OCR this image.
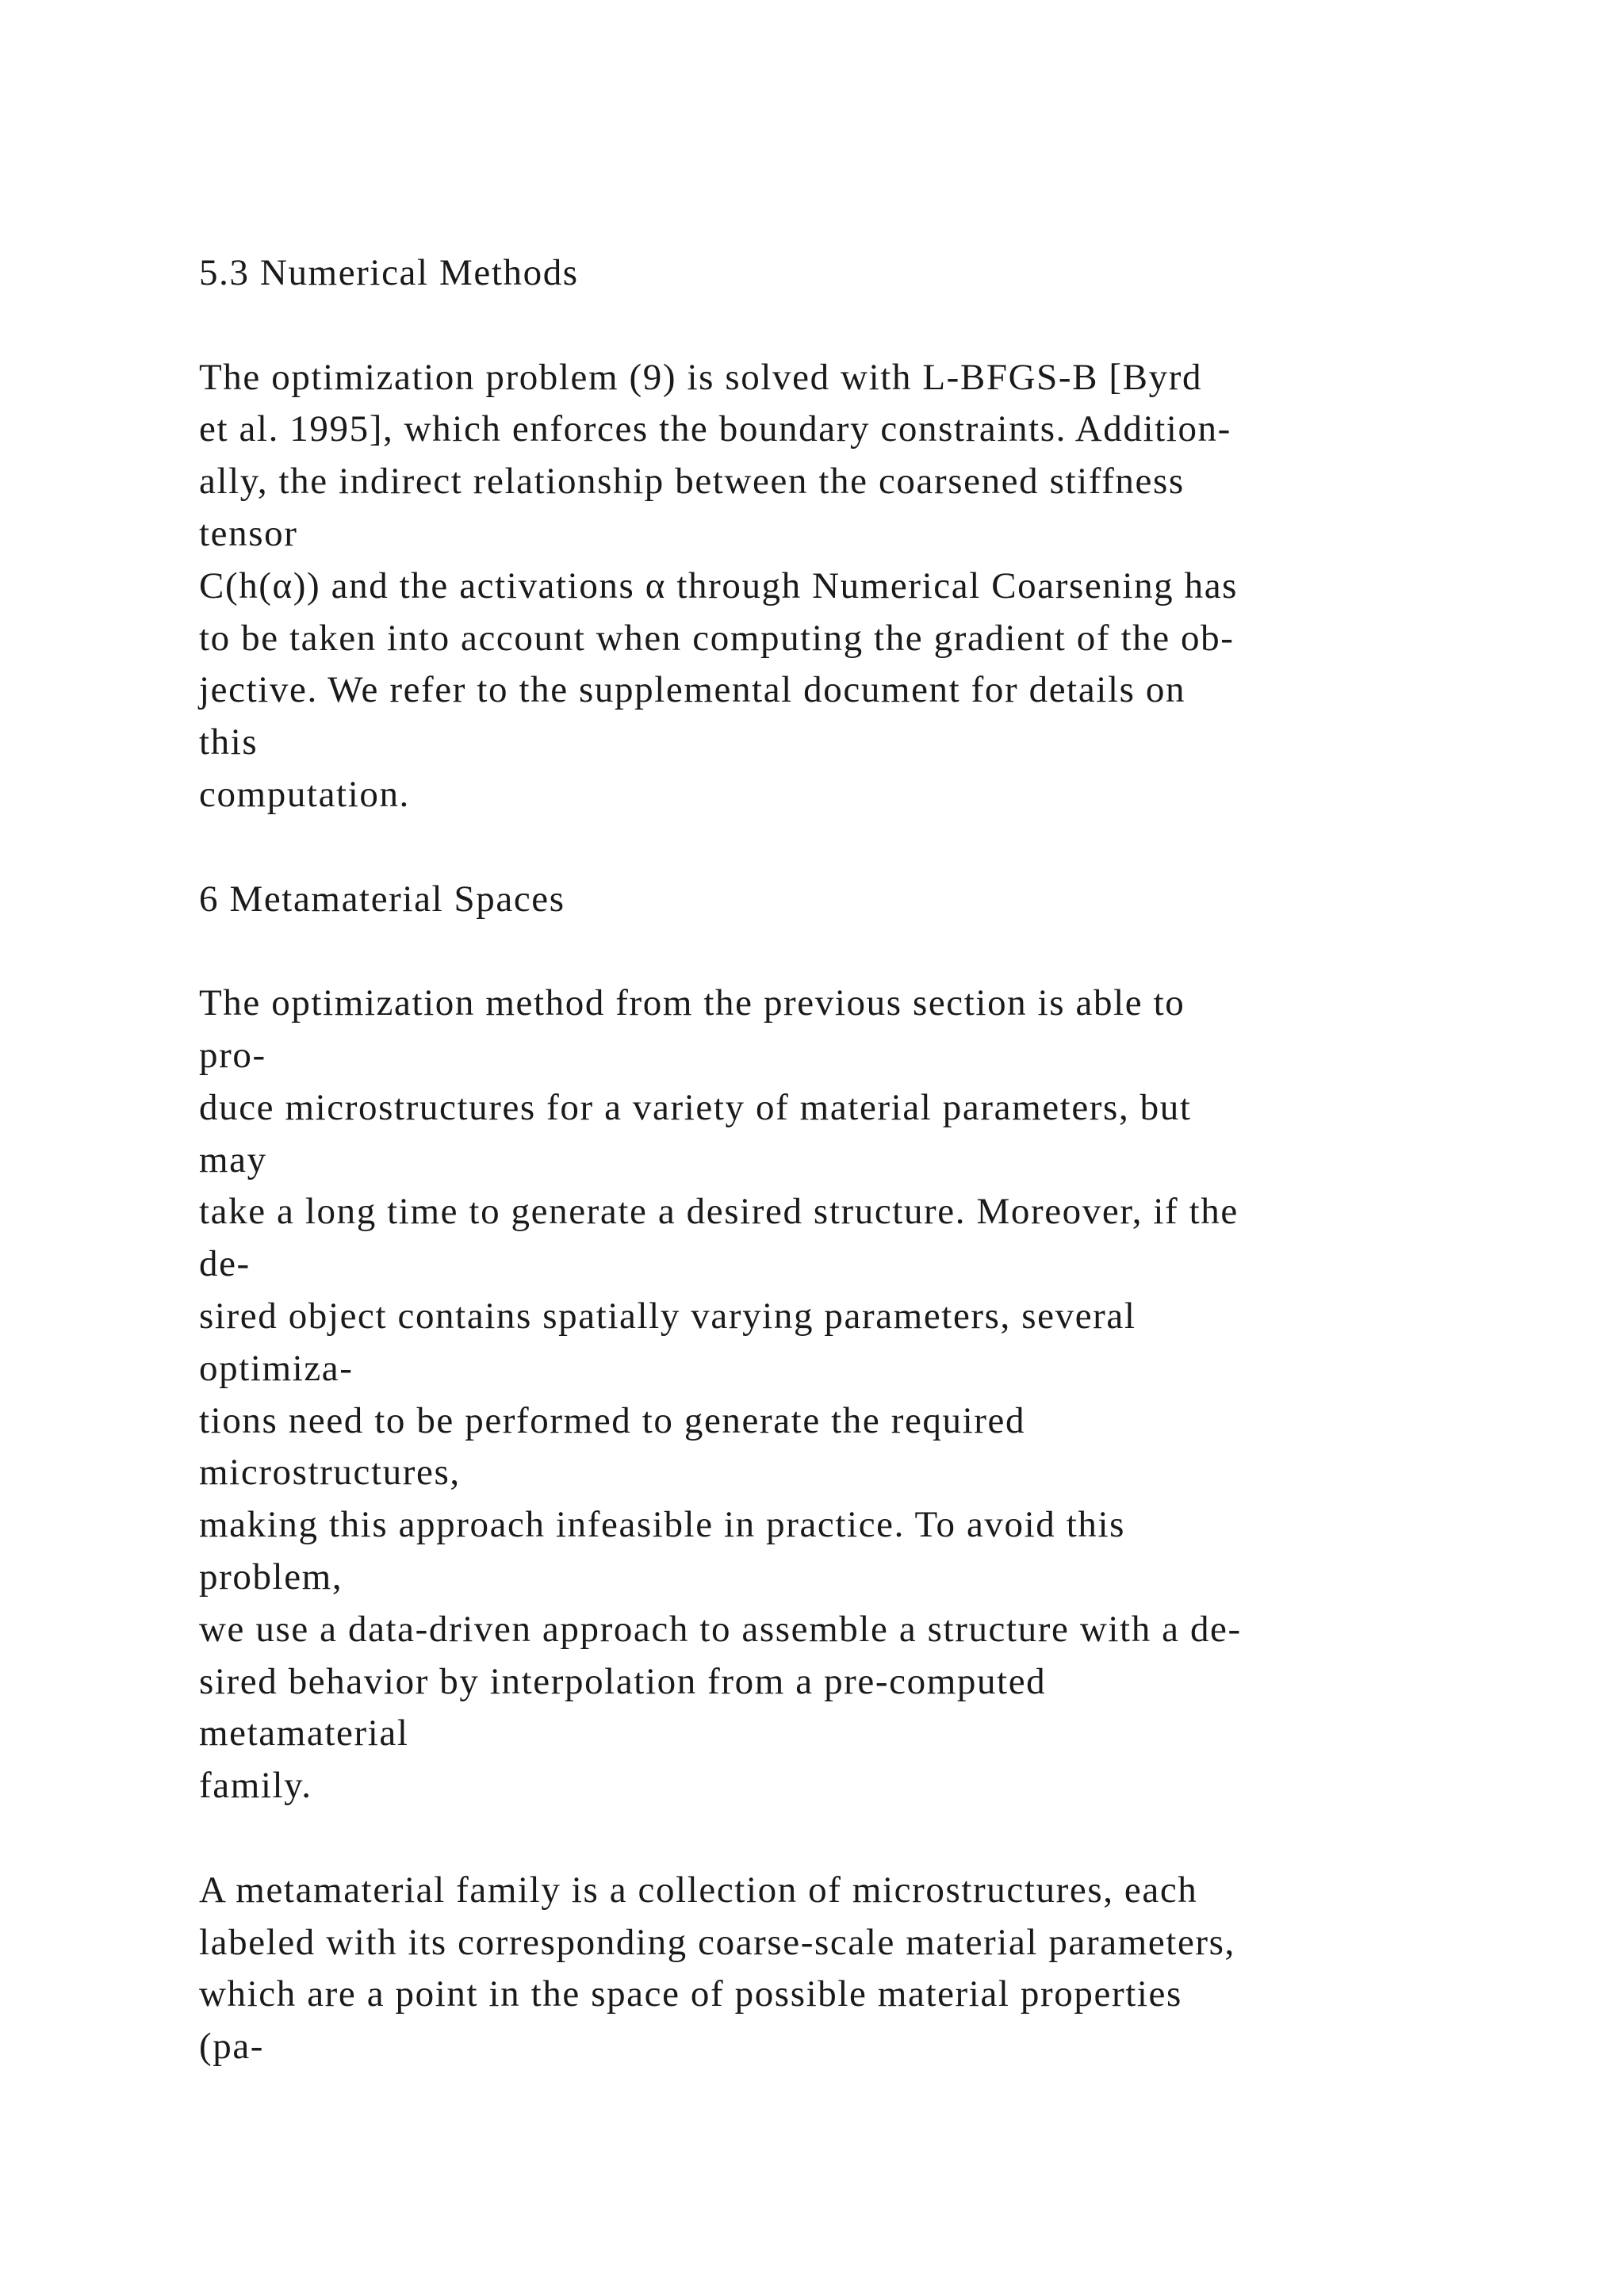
5.3 Numerical Methods
The optimization problem (9) is solved with L-BFGS-B [Byrd
et al. 1995], which enforces the boundary constraints. Addition-
ally, the indirect relationship between the coarsened stiffness
tensor
C(h(α)) and the activations α through Numerical Coarsening has
to be taken into account when computing the gradient of the ob-
jective. We refer to the supplemental document for details on
this
computation.
6 Metamaterial Spaces
The optimization method from the previous section is able to
pro-
duce microstructures for a variety of material parameters, but
may
take a long time to generate a desired structure. Moreover, if the
de-
sired object contains spatially varying parameters, several
optimiza-
tions need to be performed to generate the required
microstructures,
making this approach infeasible in practice. To avoid this
problem,
we use a data-driven approach to assemble a structure with a de-
sired behavior by interpolation from a pre-computed
metamaterial
family.
A metamaterial family is a collection of microstructures, each
labeled with its corresponding coarse-scale material parameters,
which are a point in the space of possible material properties
(pa-
